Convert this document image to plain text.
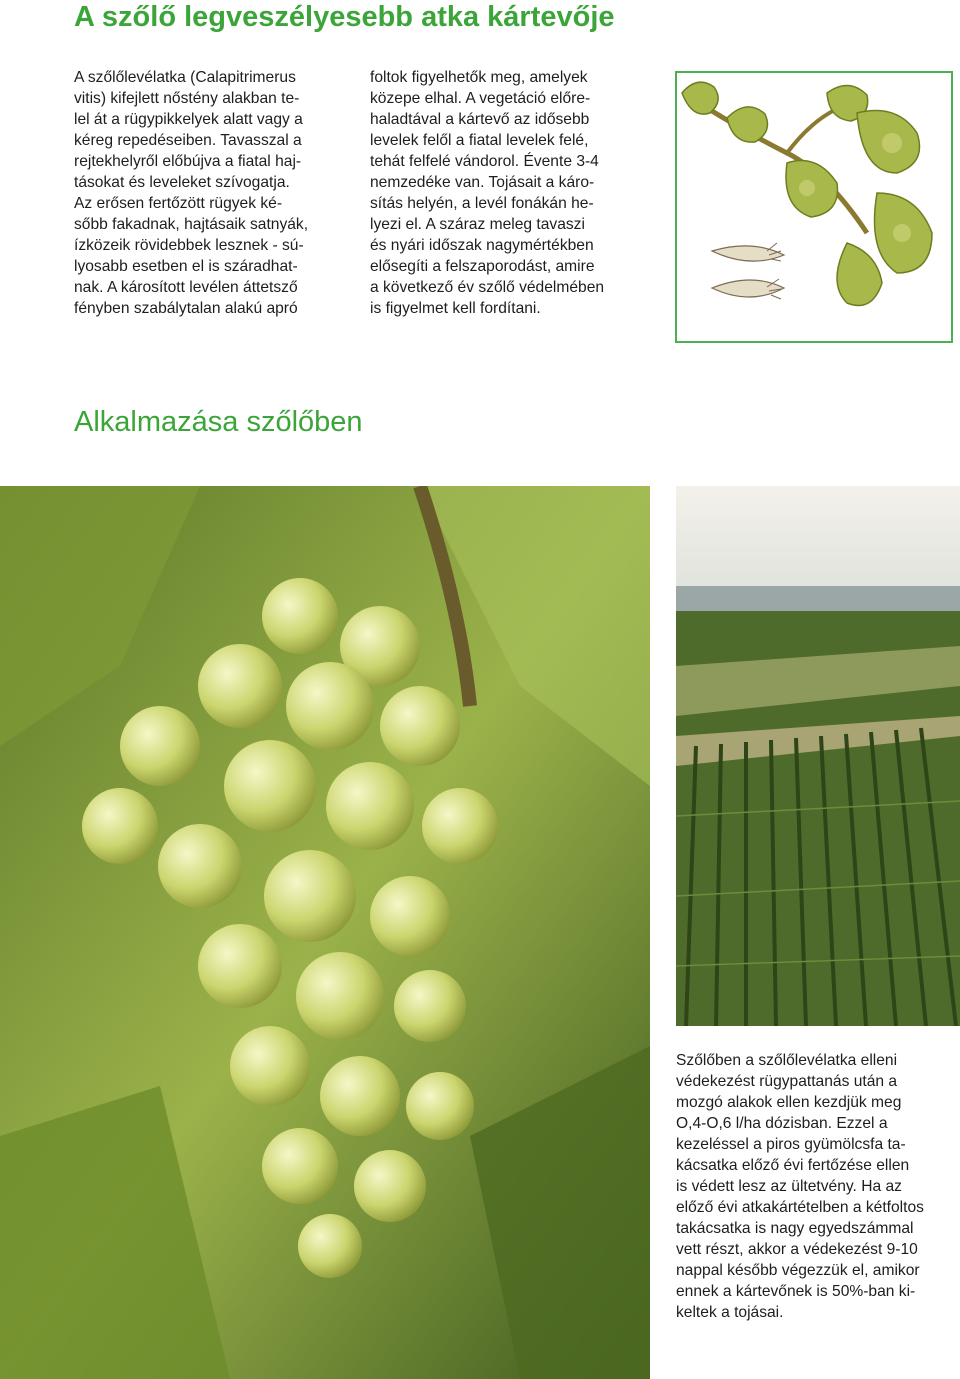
A szőlő legveszélyesebb atka kártevője

A szőlőlevélatka (Calapitrimerus
vitis) kifejlett nőstény alakban te-
lel át a rügypikkelyek alatt vagy a
kéreg repedéseiben. Tavasszal a
rejtekhelyről előbújva a fiatal haj-
tásokat és leveleket szívogatja.
Az erősen fertőzött rügyek ké-
sőbb fakadnak, hajtásaik satnyák,
ízközeik rövidebbek lesznek - sú-
lyosabb esetben el is száradhat-
nak. A károsított levélen áttetsző
fényben szabálytalan alakú apró

foltok figyelhetők meg, amelyek
közepe elhal. A vegetáció előre-
haladtával a kártevő az idősebb
levelek felől a fiatal levelek felé,
tehát felfelé vándorol. Évente 3-4
nemzedéke van. Tojásait a káro-
sítás helyén, a levél fonákán he-
lyezi el. A száraz meleg tavaszi
és nyári időszak nagymértékben
elősegíti a felszaporodást, amire
a következő év szőlő védelmében
is figyelmet kell fordítani.

Alkalmazása szőlőben

Szőlőben a szőlőlevélatka elleni
védekezést rügypattanás után a
mozgó alakok ellen kezdjük meg
O,4-O,6 l/ha dózisban. Ezzel a
kezeléssel a piros gyümölcsfa ta-
kácsatka előző évi fertőzése ellen
is védett lesz az ültetvény. Ha az
előző évi atkakártételben a kétfoltos
takácsatka is nagy egyedszámmal
vett részt, akkor a védekezést 9-10
nappal később végezzük el, amikor
ennek a kártevőnek is 50%-ban ki-
keltek a tojásai.
